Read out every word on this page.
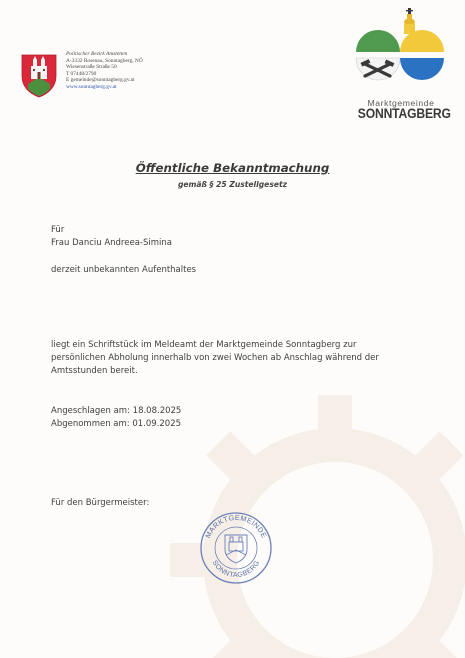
Politischer Bezirk Amstetten
A-3332 Rosenau, Sonntagberg, NÖ
Wiesenstraße Straße 50
T 07448/2790
E gemeinde@sonntagberg.gv.at
www.sonntagberg.gv.at
Marktgemeinde
SONNTAGBERG
Öffentliche Bekanntmachung
gemäß § 25 Zustellgesetz
Für
Frau Danciu Andreea-Simina
derzeit unbekannten Aufenthaltes
liegt ein Schriftstück im Meldeamt der Marktgemeinde Sonntagberg zur
persönlichen Abholung innerhalb von zwei Wochen ab Anschlag während der
Amtsstunden bereit.
Angeschlagen am: 18.08.2025
Abgenommen am: 01.09.2025
Für den Bürgermeister:
MARKTGEMEINDE
SONNTAGBERG
